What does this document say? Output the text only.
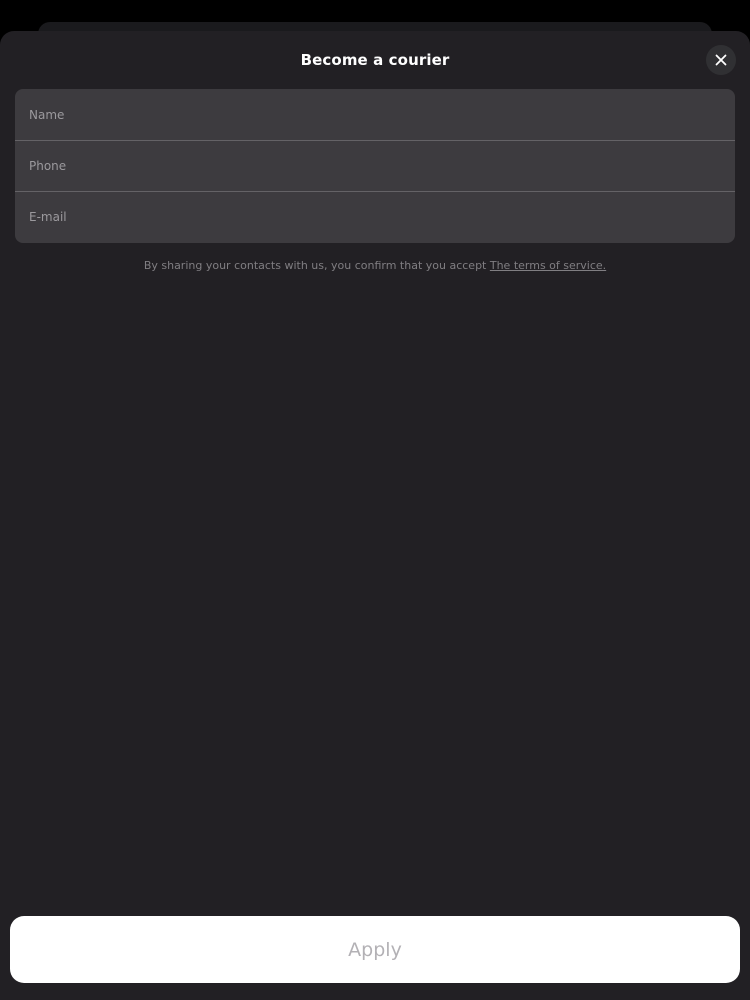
Become a courier
Name
Phone
E-mail

By sharing your contacts with us, you confirm that you accept The terms of service.

Apply
